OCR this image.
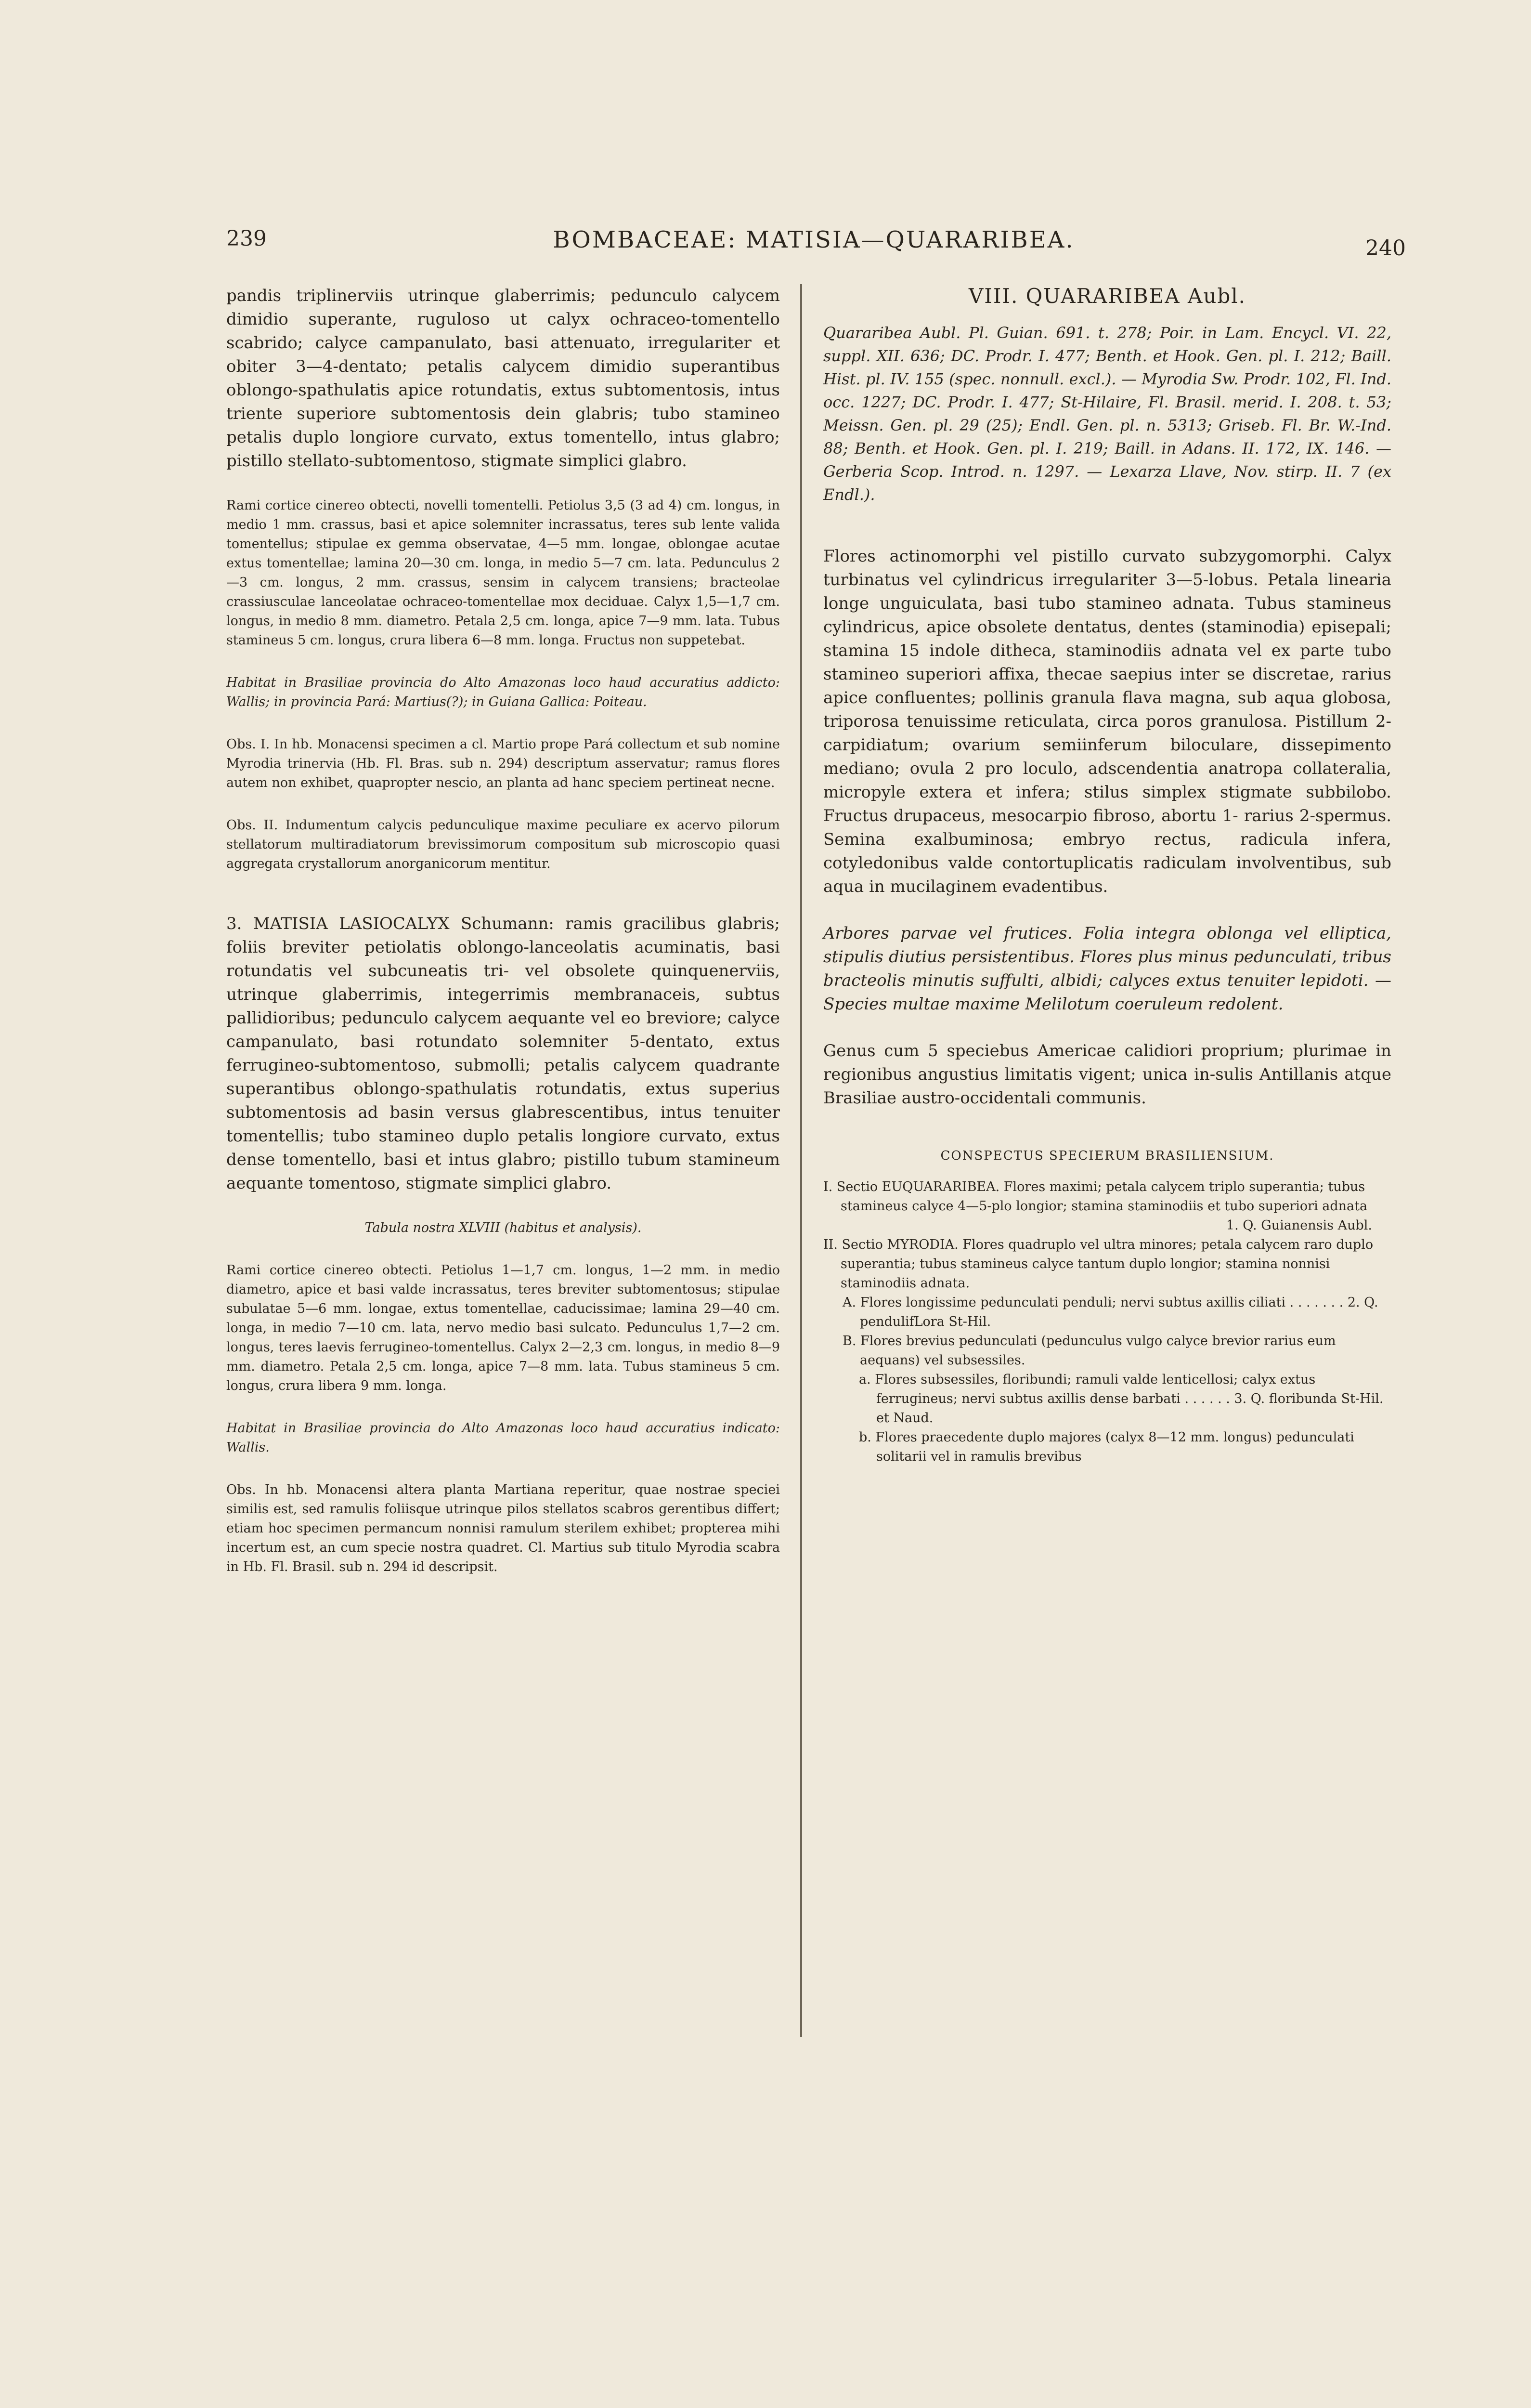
239	BOMBACEAE: MATISIA—QUARARIBEA.	240

pandis triplinerviis utrinque glaberrimis; pedunculo calycem dimidio superante, ruguloso ut calyx ochraceo-tomentello scabrido; calyce campanulato, basi attenuato, irregulariter et obiter 3—4-dentato; petalis calycem dimidio superantibus oblongo-spathulatis apice rotundatis, extus subtomentosis, intus triente superiore subtomentosis dein glabris; tubo stamineo petalis duplo longiore curvato, extus tomentello, intus glabro; pistillo stellato-subtomentoso, stigmate simplici glabro.

Rami cortice cinereo obtecti, novelli tomentelli. Petiolus 3,5 (3 ad 4) cm. longus, in medio 1 mm. crassus, basi et apice solemniter incrassatus, teres sub lente valida tomentellus; stipulae ex gemma observatae, 4—5 mm. longae, oblongae acutae extus tomentellae; lamina 20—30 cm. longa, in medio 5—7 cm. lata. Pedunculus 2—3 cm. longus, 2 mm. crassus, sensim in calycem transiens; bracteolae crassiusculae lanceolatae ochraceo-tomentellae mox deciduae. Calyx 1,5—1,7 cm. longus, in medio 8 mm. diametro. Petala 2,5 cm. longa, apice 7—9 mm. lata. Tubus stamineus 5 cm. longus, crura libera 6—8 mm. longa. Fructus non suppetebat.

Habitat in Brasiliae provincia do Alto Amazonas loco haud accuratius addicto: Wallis; in provincia Pará: Martius(?); in Guiana Gallica: Poiteau.

Obs. I. In hb. Monacensi specimen a cl. Martio prope Pará collectum et sub nomine Myrodia trinervia (Hb. Fl. Bras. sub n. 294) descriptum asservatur; ramus flores autem non exhibet, quapropter nescio, an planta ad hanc speciem pertineat necne.

Obs. II. Indumentum calycis pedunculique maxime peculiare ex acervo pilorum stellatorum multiradiatorum brevissimorum compositum sub microscopio quasi aggregata crystallorum anorganicorum mentitur.

3. MATISIA LASIOCALYX Schumann: ramis gracilibus glabris; foliis breviter petiolatis oblongo-lanceolatis acuminatis, basi rotundatis vel subcuneatis tri- vel obsolete quinquenerviis, utrinque glaberrimis, integerrimis membranaceis, subtus pallidioribus; pedunculo calycem aequante vel eo breviore; calyce campanulato, basi rotundato solemniter 5-dentato, extus ferrugineo-subtomentoso, submolli; petalis calycem quadrante superantibus oblongo-spathulatis rotundatis, extus superius subtomentosis ad basin versus glabrescentibus, intus tenuiter tomentellis; tubo stamineo duplo petalis longiore curvato, extus dense tomentello, basi et intus glabro; pistillo tubum stamineum aequante tomentoso, stigmate simplici glabro.

Tabula nostra XLVIII (habitus et analysis).

Rami cortice cinereo obtecti. Petiolus 1—1,7 cm. longus, 1—2 mm. in medio diametro, apice et basi valde incrassatus, teres breviter subtomentosus; stipulae subulatae 5—6 mm. longae, extus tomentellae, caducissimae; lamina 29—40 cm. longa, in medio 7—10 cm. lata, nervo medio basi sulcato. Pedunculus 1,7—2 cm. longus, teres laevis ferrugineo-tomentellus. Calyx 2—2,3 cm. longus, in medio 8—9 mm. diametro. Petala 2,5 cm. longa, apice 7—8 mm. lata. Tubus stamineus 5 cm. longus, crura libera 9 mm. longa.

Habitat in Brasiliae provincia do Alto Amazonas loco haud accuratius indicato: Wallis.

Obs. In hb. Monacensi altera planta Martiana reperitur, quae nostrae speciei similis est, sed ramulis foliisque utrinque pilos stellatos scabros gerentibus differt; etiam hoc specimen permancum nonnisi ramulum sterilem exhibet; propterea mihi incertum est, an cum specie nostra quadret. Cl. Martius sub titulo Myrodia scabra in Hb. Fl. Brasil. sub n. 294 id descripsit.

VIII. QUARARIBEA Aubl.

Quararibea Aubl. Pl. Guian. 691. t. 278; Poir. in Lam. Encycl. VI. 22, suppl. XII. 636; DC. Prodr. I. 477; Benth. et Hook. Gen. pl. I. 212; Baill. Hist. pl. IV. 155 (spec. nonnull. excl.). — Myrodia Sw. Prodr. 102, Fl. Ind. occ. 1227; DC. Prodr. I. 477; St-Hilaire, Fl. Brasil. merid. I. 208. t. 53; Meissn. Gen. pl. 29 (25); Endl. Gen. pl. n. 5313; Griseb. Fl. Br. W.-Ind. 88; Benth. et Hook. Gen. pl. I. 219; Baill. in Adans. II. 172, IX. 146. — Gerberia Scop. Introd. n. 1297. — Lexarza Llave, Nov. stirp. II. 7 (ex Endl.).

Flores actinomorphi vel pistillo curvato subzygomorphi. Calyx turbinatus vel cylindricus irregulariter 3—5-lobus. Petala linearia longe unguiculata, basi tubo stamineo adnata. Tubus stamineus cylindricus, apice obsolete dentatus, dentes (staminodia) episepali; stamina 15 indole ditheca, staminodiis adnata vel ex parte tubo stamineo superiori affixa, thecae saepius inter se discretae, rarius apice confluentes; pollinis granula flava magna, sub aqua globosa, triporosa tenuissime reticulata, circa poros granulosa. Pistillum 2-carpidiatum; ovarium semiinferum biloculare, dissepimento mediano; ovula 2 pro loculo, adscendentia anatropa collateralia, micropyle extera et infera; stilus simplex stigmate subbilobo. Fructus drupaceus, mesocarpio fibroso, abortu 1- rarius 2-spermus. Semina exalbuminosa; embryo rectus, radicula infera, cotyledonibus valde contortuplicatis radiculam involventibus, sub aqua in mucilaginem evadentibus.

Arbores parvae vel frutices. Folia integra oblonga vel elliptica, stipulis diutius persistentibus. Flores plus minus pedunculati, tribus bracteolis minutis suffulti, albidi; calyces extus tenuiter lepidoti. — Species multae maxime Melilotum coeruleum redolent.

Genus cum 5 speciebus Americae calidiori proprium; plurimae in regionibus angustius limitatis vigent; unica in-sulis Antillanis atque Brasiliae austro-occidentali communis.

CONSPECTUS SPECIERUM BRASILIENSIUM.

I. Sectio EUQUARARIBEA. Flores maximi; petala calycem triplo superantia; tubus stamineus calyce 4—5-plo longior; stamina staminodiis et tubo superiori adnata

1. Q. Guianensis Aubl.

II. Sectio MYRODIA. Flores quadruplo vel ultra minores; petala calycem raro duplo superantia; tubus stamineus calyce tantum duplo longior; stamina nonnisi staminodiis adnata.

A. Flores longissime pedunculati penduli; nervi subtus axillis ciliati . . . . . . . 2. Q. pendulifLora St-Hil.

B. Flores brevius pedunculati (pedunculus vulgo calyce brevior rarius eum aequans) vel subsessiles.

a. Flores subsessiles, floribundi; ramuli valde lenticellosi; calyx extus ferrugineus; nervi subtus axillis dense barbati . . . . . . 3. Q. floribunda St-Hil. et Naud.

b. Flores praecedente duplo majores (calyx 8—12 mm. longus) pedunculati solitarii vel in ramulis brevibus
